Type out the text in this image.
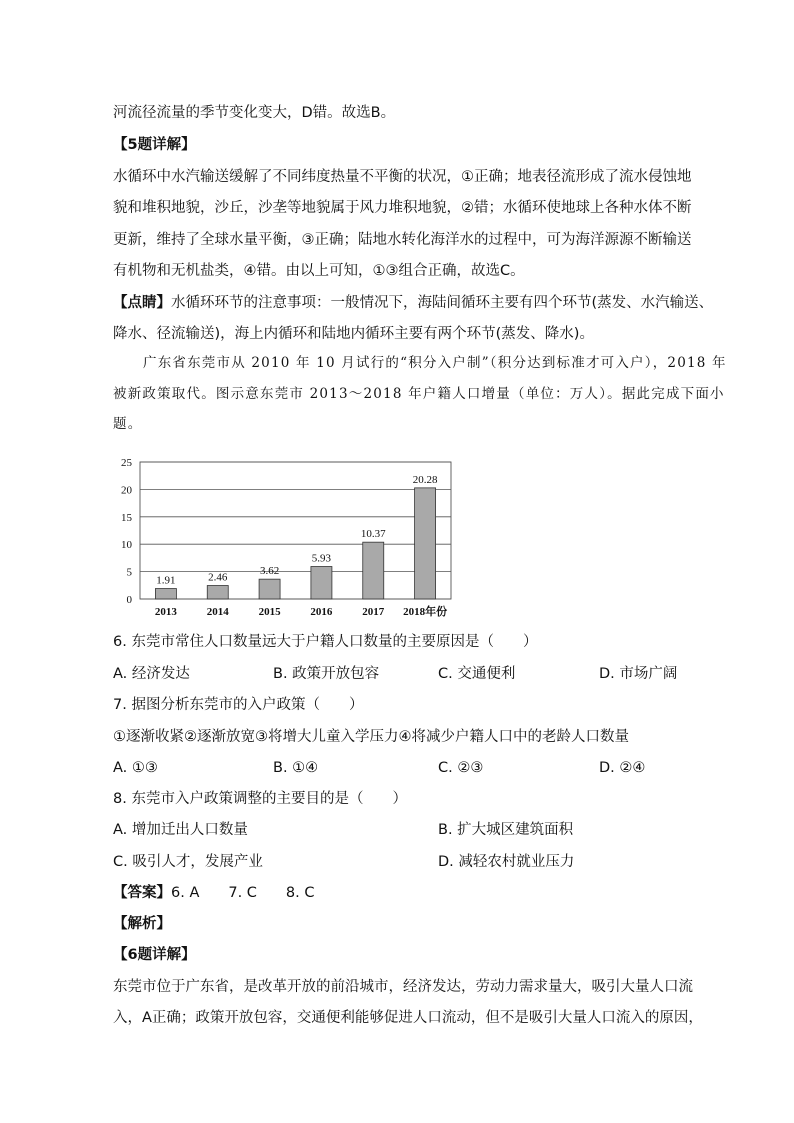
河流径流量的季节变化变大，D错。故选B。
【5题详解】
水循环中水汽输送缓解了不同纬度热量不平衡的状况，①正确；地表径流形成了流水侵蚀地
貌和堆积地貌，沙丘，沙垄等地貌属于风力堆积地貌，②错；水循环使地球上各种水体不断
更新，维持了全球水量平衡，③正确；陆地水转化海洋水的过程中，可为海洋源源不断输送
有机物和无机盐类，④错。由以上可知，①③组合正确，故选C。
【点睛】水循环环节的注意事项：一般情况下，海陆间循环主要有四个环节(蒸发、水汽输送、
降水、径流输送)，海上内循环和陆地内循环主要有两个环节(蒸发、降水)。
广东省东莞市从 2010 年 10 月试行的“积分入户制”（积分达到标准才可入户），2018 年
被新政策取代。图示意东莞市 2013～2018 年户籍人口增量（单位：万人）。据此完成下面小
题。
0
5
10
15
20
25
1.91
2013
2.46
2014
3.62
2015
5.93
2016
10.37
2017
20.28
2018年份
6. 东莞市常住人口数量远大于户籍人口数量的主要原因是（　　）
A. 经济发达	B. 政策开放包容	C. 交通便利	D. 市场广阔
7. 据图分析东莞市的入户政策（　　）
①逐渐收紧②逐渐放宽③将增大儿童入学压力④将减少户籍人口中的老龄人口数量
A. ①③	B. ①④	C. ②③	D. ②④
8. 东莞市入户政策调整的主要目的是（　　）
A. 增加迁出人口数量	B. 扩大城区建筑面积
C. 吸引人才，发展产业	D. 减轻农村就业压力
【答案】6. A　　7. C　　8. C
【解析】
【6题详解】
东莞市位于广东省，是改革开放的前沿城市，经济发达，劳动力需求量大，吸引大量人口流
入，A正确；政策开放包容，交通便利能够促进人口流动，但不是吸引大量人口流入的原因，
